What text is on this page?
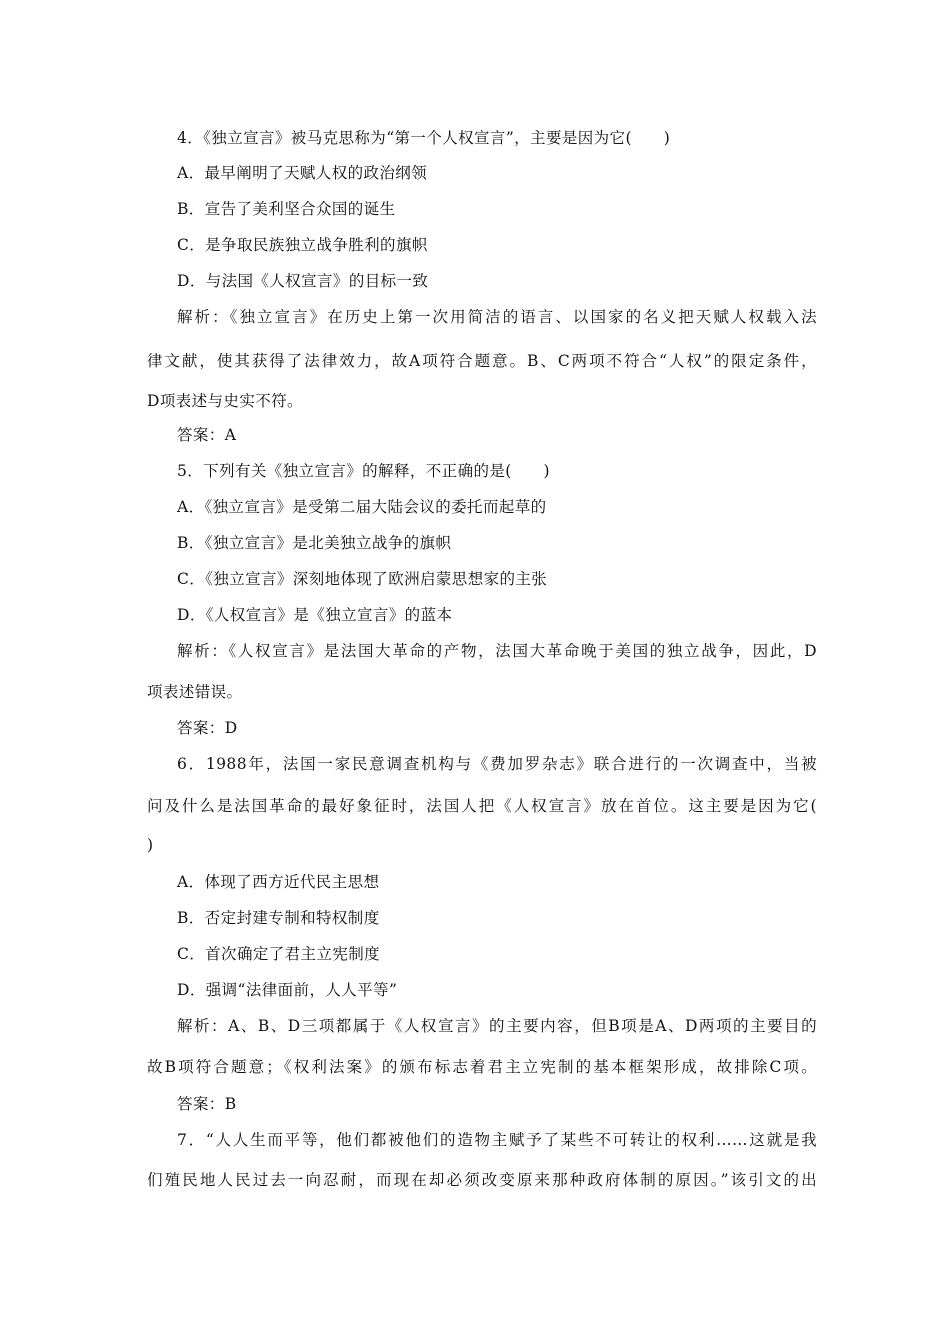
4．《独立宣言》被马克思称为“第一个人权宣言”，主要是因为它(　　)
A．最早阐明了天赋人权的政治纲领
B．宣告了美利坚合众国的诞生
C．是争取民族独立战争胜利的旗帜
D．与法国《人权宣言》的目标一致
解析：《独立宣言》在历史上第一次用简洁的语言、以国家的名义把天赋人权载入法
律文献，使其获得了法律效力，故A项符合题意。B、C两项不符合“人权”的限定条件，
D项表述与史实不符。
答案：A
5．下列有关《独立宣言》的解释，不正确的是(　　)
A．《独立宣言》是受第二届大陆会议的委托而起草的
B．《独立宣言》是北美独立战争的旗帜
C．《独立宣言》深刻地体现了欧洲启蒙思想家的主张
D．《人权宣言》是《独立宣言》的蓝本
解析：《人权宣言》是法国大革命的产物，法国大革命晚于美国的独立战争，因此，D
项表述错误。
答案：D
6．1988年，法国一家民意调查机构与《费加罗杂志》联合进行的一次调查中，当被
问及什么是法国革命的最好象征时，法国人把《人权宣言》放在首位。这主要是因为它(
)
A．体现了西方近代民主思想
B．否定封建专制和特权制度
C．首次确定了君主立宪制度
D．强调“法律面前，人人平等”
解析：A、B、D三项都属于《人权宣言》的主要内容，但B项是A、D两项的主要目的
故B项符合题意；《权利法案》的颁布标志着君主立宪制的基本框架形成，故排除C项。
答案：B
7．“人人生而平等，他们都被他们的造物主赋予了某些不可转让的权利……这就是我
们殖民地人民过去一向忍耐，而现在却必须改变原来那种政府体制的原因。”该引文的出
